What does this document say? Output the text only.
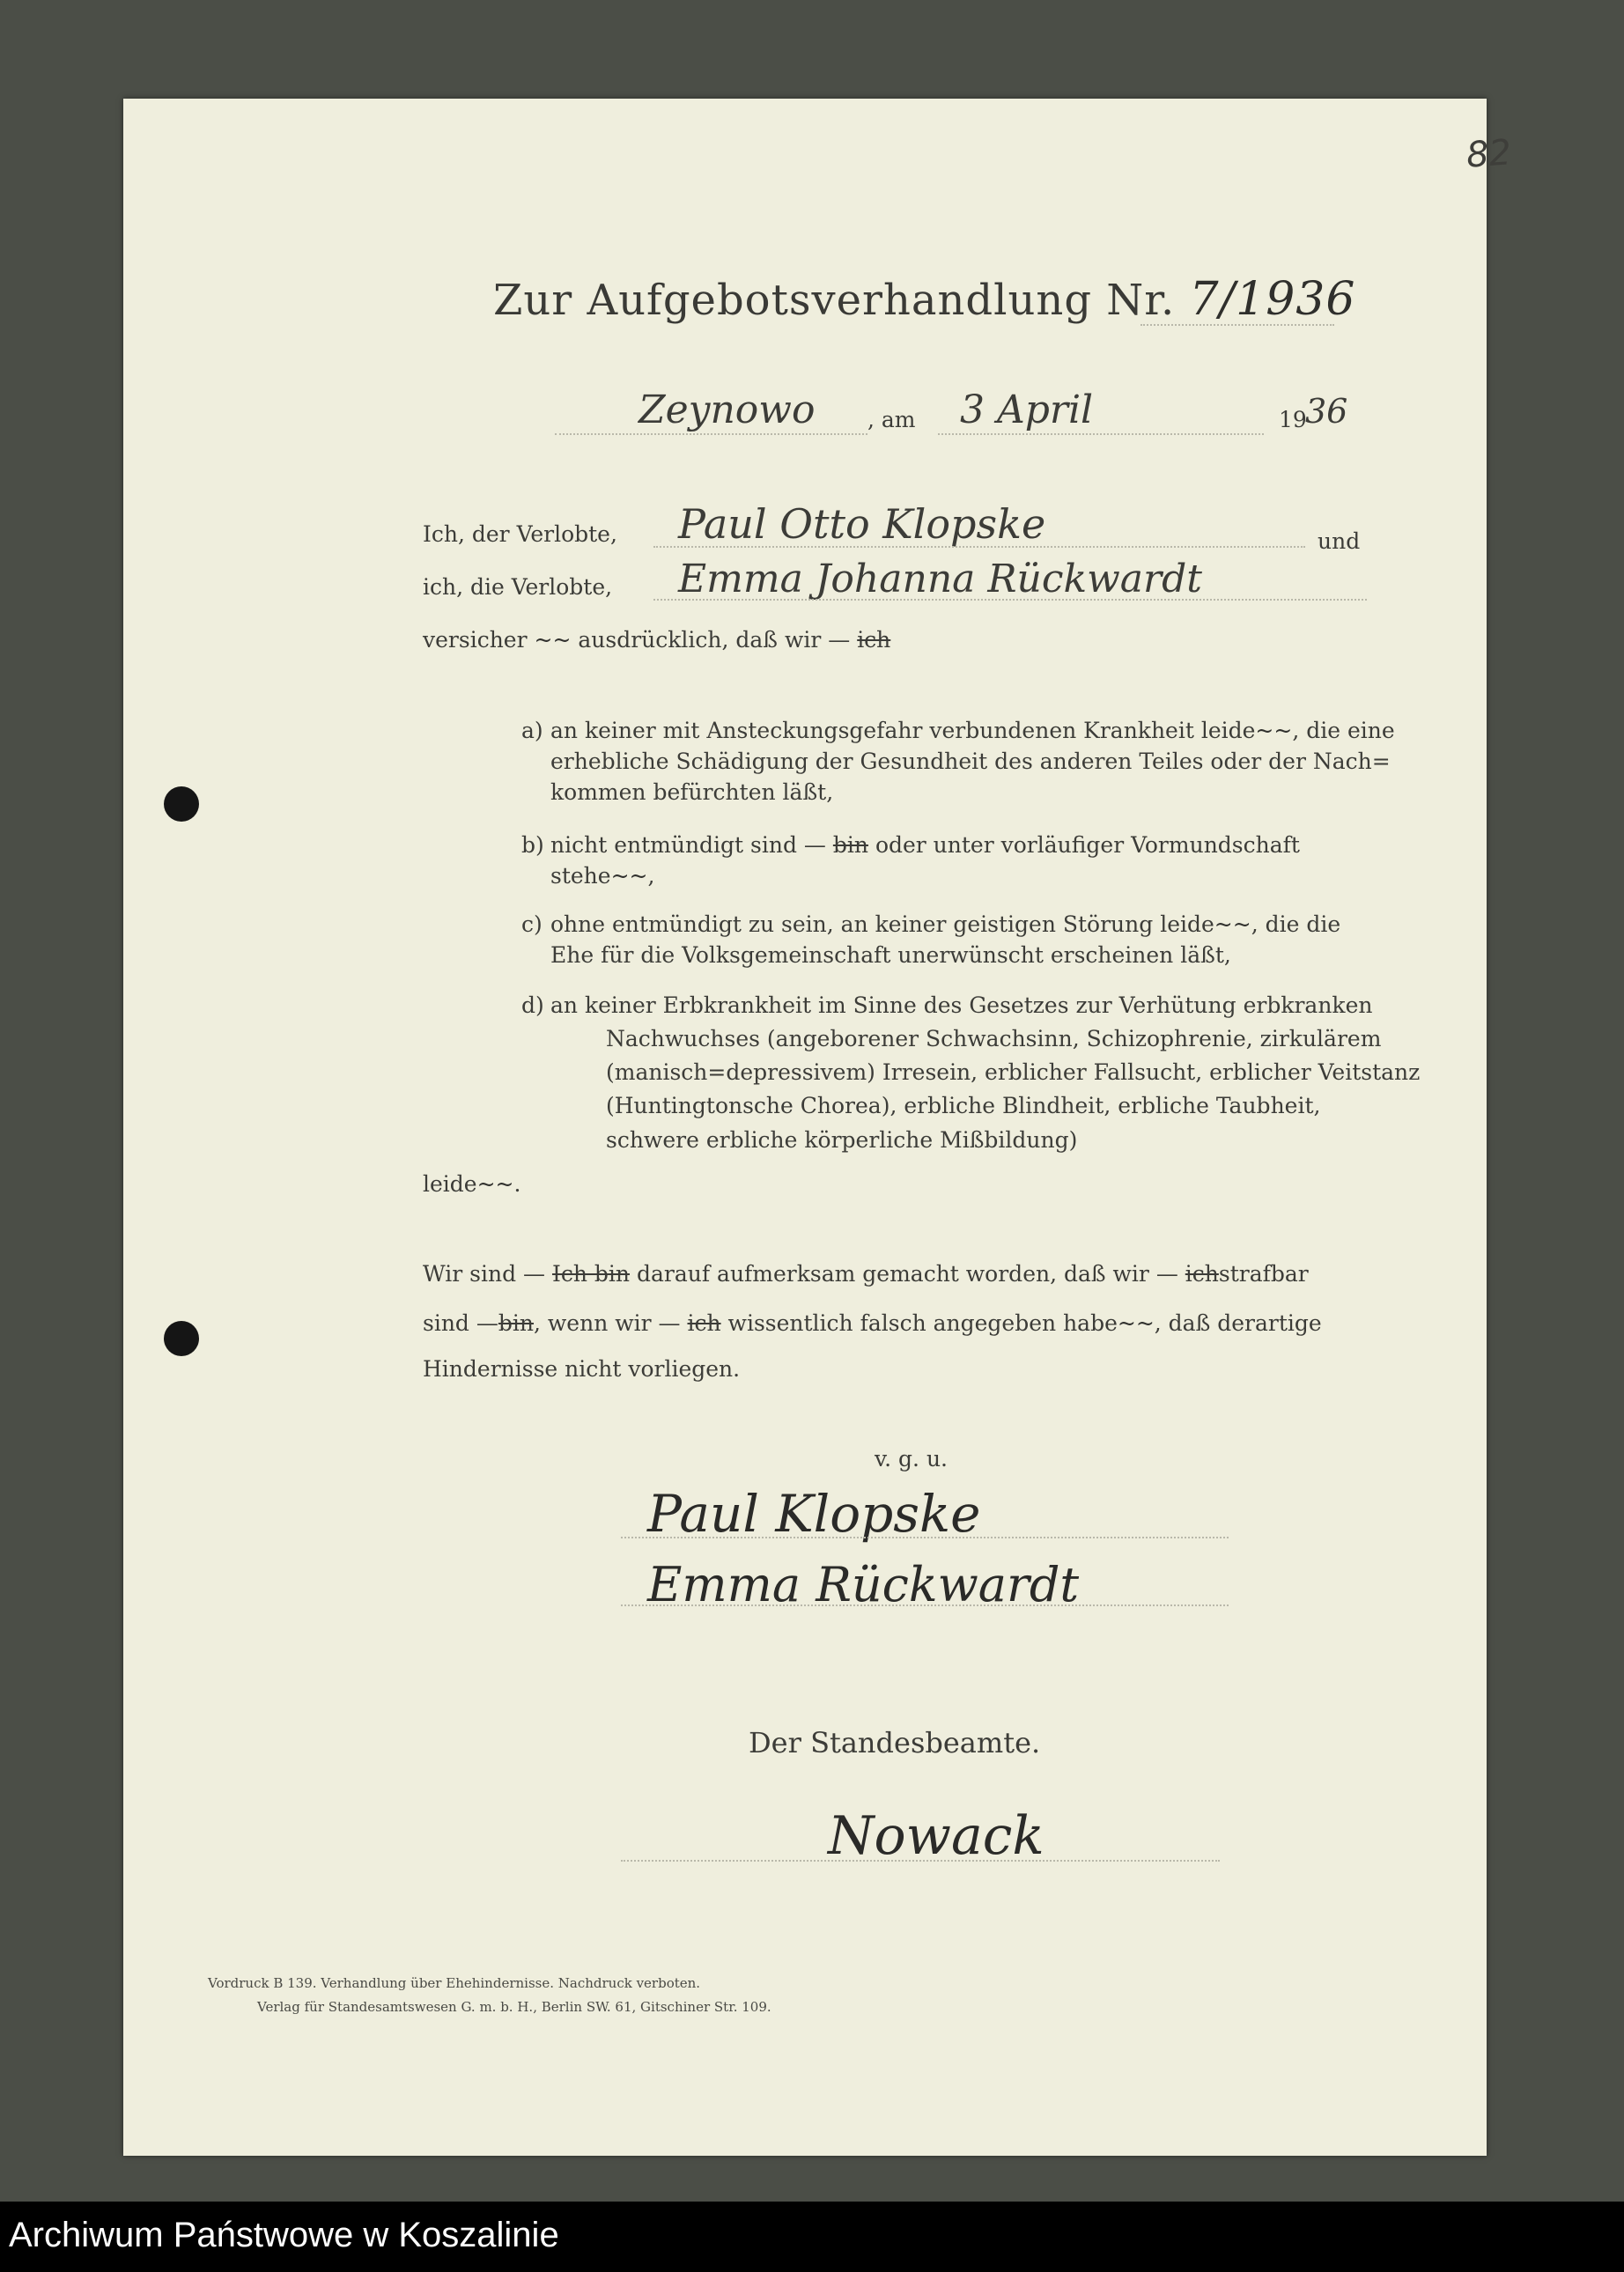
82
Zur Aufgebotsverhandlung Nr. 7/1936
Zeynowo , am 3 April	19
36
Ich, der Verlobte, Paul Otto Klopske	und
ich, die Verlobte, Emma Johanna Rückwardt
versicher ~~ ausdrücklich, daß wir — ich
a) an keiner mit Ansteckungsgefahr verbundenen Krankheit leide~~, die eine
erhebliche Schädigung der Gesundheit des anderen Teiles oder der Nach=
kommen befürchten läßt,
b) nicht entmündigt sind — bin oder unter vorläufiger Vormundschaft
stehe~~,
c) ohne entmündigt zu sein, an keiner geistigen Störung leide~~, die die
Ehe für die Volksgemeinschaft unerwünscht erscheinen läßt,
d) an keiner Erbkrankheit im Sinne des Gesetzes zur Verhütung erbkranken
Nachwuchses (angeborener Schwachsinn, Schizophrenie, zirkulärem
(manisch=depressivem) Irresein, erblicher Fallsucht, erblicher Veitstanz
(Huntingtonsche Chorea), erbliche Blindheit, erbliche Taubheit,
schwere erbliche körperliche Mißbildung)
leide~~.
Wir sind — Ich bin darauf aufmerksam gemacht worden, daß wir — ichstrafbar
sind —bin, wenn wir — ich wissentlich falsch angegeben habe~~, daß derartige
Hindernisse nicht vorliegen.
v. g. u.
Paul Klopske
Emma Rückwardt
Der Standesbeamte.
Nowack
Vordruck B 139. Verhandlung über Ehehindernisse. Nachdruck verboten.
Verlag für Standesamtswesen G. m. b. H., Berlin SW. 61, Gitschiner Str. 109.
Archiwum Państwowe w Koszalinie
